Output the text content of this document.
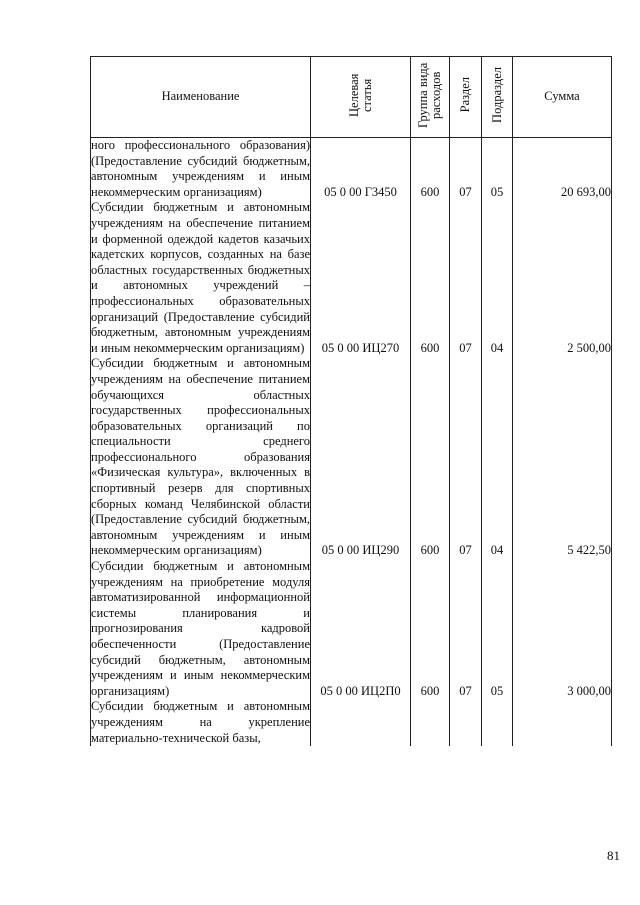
Наименование	Целевая статья	Группа вида расходов	Раздел	Подраздел	Сумма
ного профессионального образования) (Предоставление субсидий бюджетным, автономным учреждениям и иным некоммерческим организациям)	05 0 00 Г3450	600	07	05	20 693,00
Субсидии бюджетным и автономным учреждениям на обеспечение питанием и форменной одеждой кадетов казачьих кадетских корпусов, созданных на базе областных государственных бюджетных и автономных учреждений – профессиональных образовательных организаций (Предоставление субсидий бюджетным, автономным учреждениям и иным некоммерческим организациям)	05 0 00 ИЦ270	600	07	04	2 500,00
Субсидии бюджетным и автономным учреждениям на обеспечение питанием обучающихся областных государственных профессиональных образовательных организаций по специальности среднего профессионального образования «Физическая культура», включенных в спортивный резерв для спортивных сборных команд Челябинской области (Предоставление субсидий бюджетным, автономным учреждениям и иным некоммерческим организациям)	05 0 00 ИЦ290	600	07	04	5 422,50
Субсидии бюджетным и автономным учреждениям на приобретение модуля автоматизированной информационной системы планирования и прогнозирования кадровой обеспеченности (Предоставление субсидий бюджетным, автономным учреждениям и иным некоммерческим организациям)	05 0 00 ИЦ2П0	600	07	05	3 000,00
Субсидии бюджетным и автономным учреждениям на укрепление материально-технической базы,					
81
